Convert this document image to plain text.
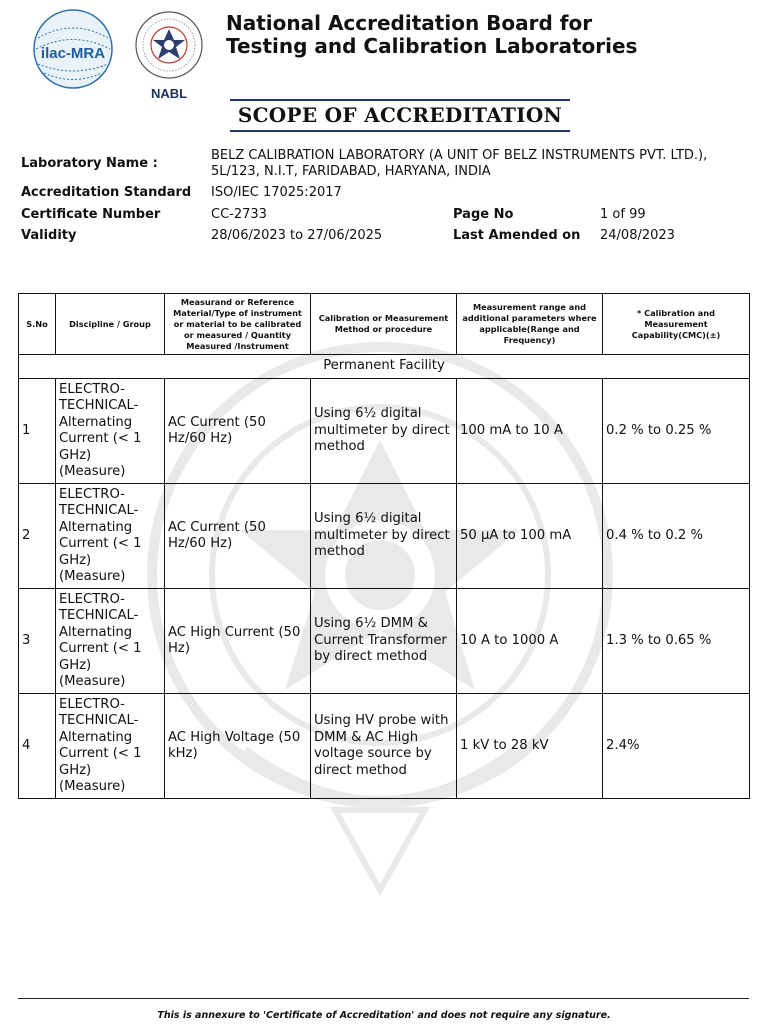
ilac-MRA
NABL
National Accreditation Board for
Testing and Calibration Laboratories
SCOPE OF ACCREDITATION
Laboratory Name :
BELZ CALIBRATION LABORATORY (A UNIT OF BELZ INSTRUMENTS PVT. LTD.),
5L/123, N.I.T, FARIDABAD, HARYANA, INDIA
Accreditation Standard ISO/IEC 17025:2017
Certificate Number	CC-2733	Page No	1 of 99
Validity	28/06/2023 to 27/06/2025	Last Amended on 24/08/2023
S.No	Discipline / Group	Measurand or Reference Material/Type of instrument or material to be calibrated or measured / Quantity Measured /Instrument	Calibration or Measurement Method or procedure	Measurement range and additional parameters where applicable(Range and Frequency)	* Calibration and Measurement Capability(CMC)(±)
Permanent Facility					
1	ELECTRO-TECHNICAL-Alternating Current (< 1 GHz) (Measure)	AC Current (50 Hz/60 Hz)	Using 6½ digital multimeter by direct method	100 mA to 10 A	0.2 % to 0.25 %
2	ELECTRO-TECHNICAL-Alternating Current (< 1 GHz) (Measure)	AC Current (50 Hz/60 Hz)	Using 6½ digital multimeter by direct method	50 µA to 100 mA	0.4 % to 0.2 %
3	ELECTRO-TECHNICAL-Alternating Current (< 1 GHz) (Measure)	AC High Current (50 Hz)	Using 6½ DMM & Current Transformer by direct method	10 A to 1000 A	1.3 % to 0.65 %
4	ELECTRO-TECHNICAL-Alternating Current (< 1 GHz) (Measure)	AC High Voltage (50 kHz)	Using HV probe with DMM & AC High voltage source by direct method	1 kV to 28 kV	2.4%
This is annexure to 'Certificate of Accreditation' and does not require any signature.
